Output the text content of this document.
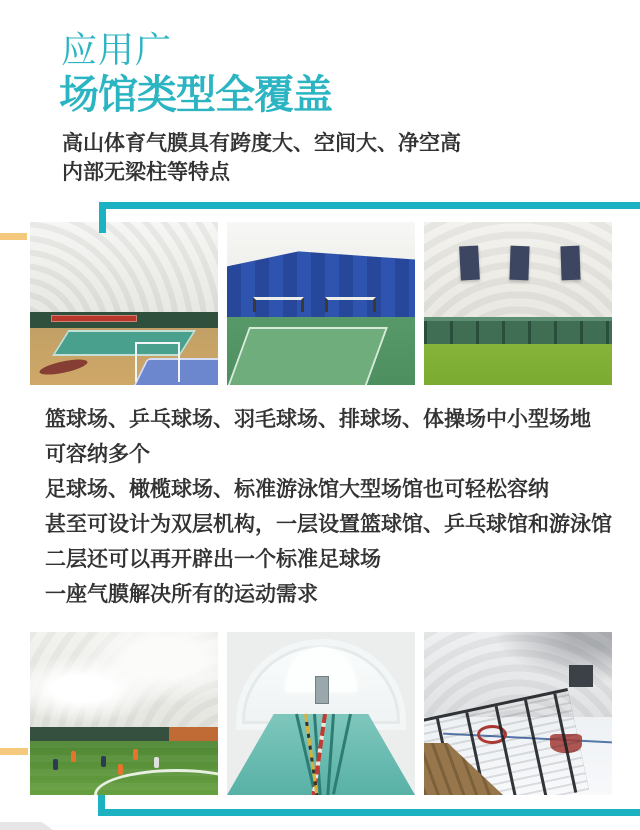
应用广
场馆类型全覆盖
高山体育气膜具有跨度大、空间大、净空高
内部无梁柱等特点
篮球场、乒乓球场、羽毛球场、排球场、体操场中小型场地
可容纳多个
足球场、橄榄球场、标准游泳馆大型场馆也可轻松容纳
甚至可设计为双层机构，一层设置篮球馆、乒乓球馆和游泳馆
二层还可以再开辟出一个标准足球场
一座气膜解决所有的运动需求
